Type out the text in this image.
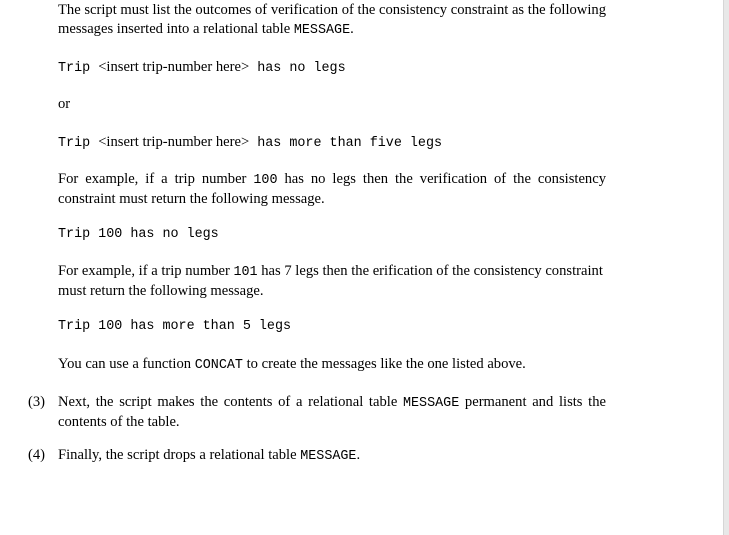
The script must list the outcomes of verification of the consistency constraint as the following messages inserted into a relational table MESSAGE.

Trip <insert trip-number here> has no legs
or
Trip <insert trip-number here> has more than five legs

For example, if a trip number 100 has no legs then the verification of the consistency constraint must return the following message.

Trip 100 has no legs

For example, if a trip number 101 has 7 legs then the erification of the consistency constraint must return the following message.

Trip 100 has more than 5 legs

You can use a function CONCAT to create the messages like the one listed above.

(3) Next, the script makes the contents of a relational table MESSAGE permanent and lists the contents of the table.
(4) Finally, the script drops a relational table MESSAGE.
